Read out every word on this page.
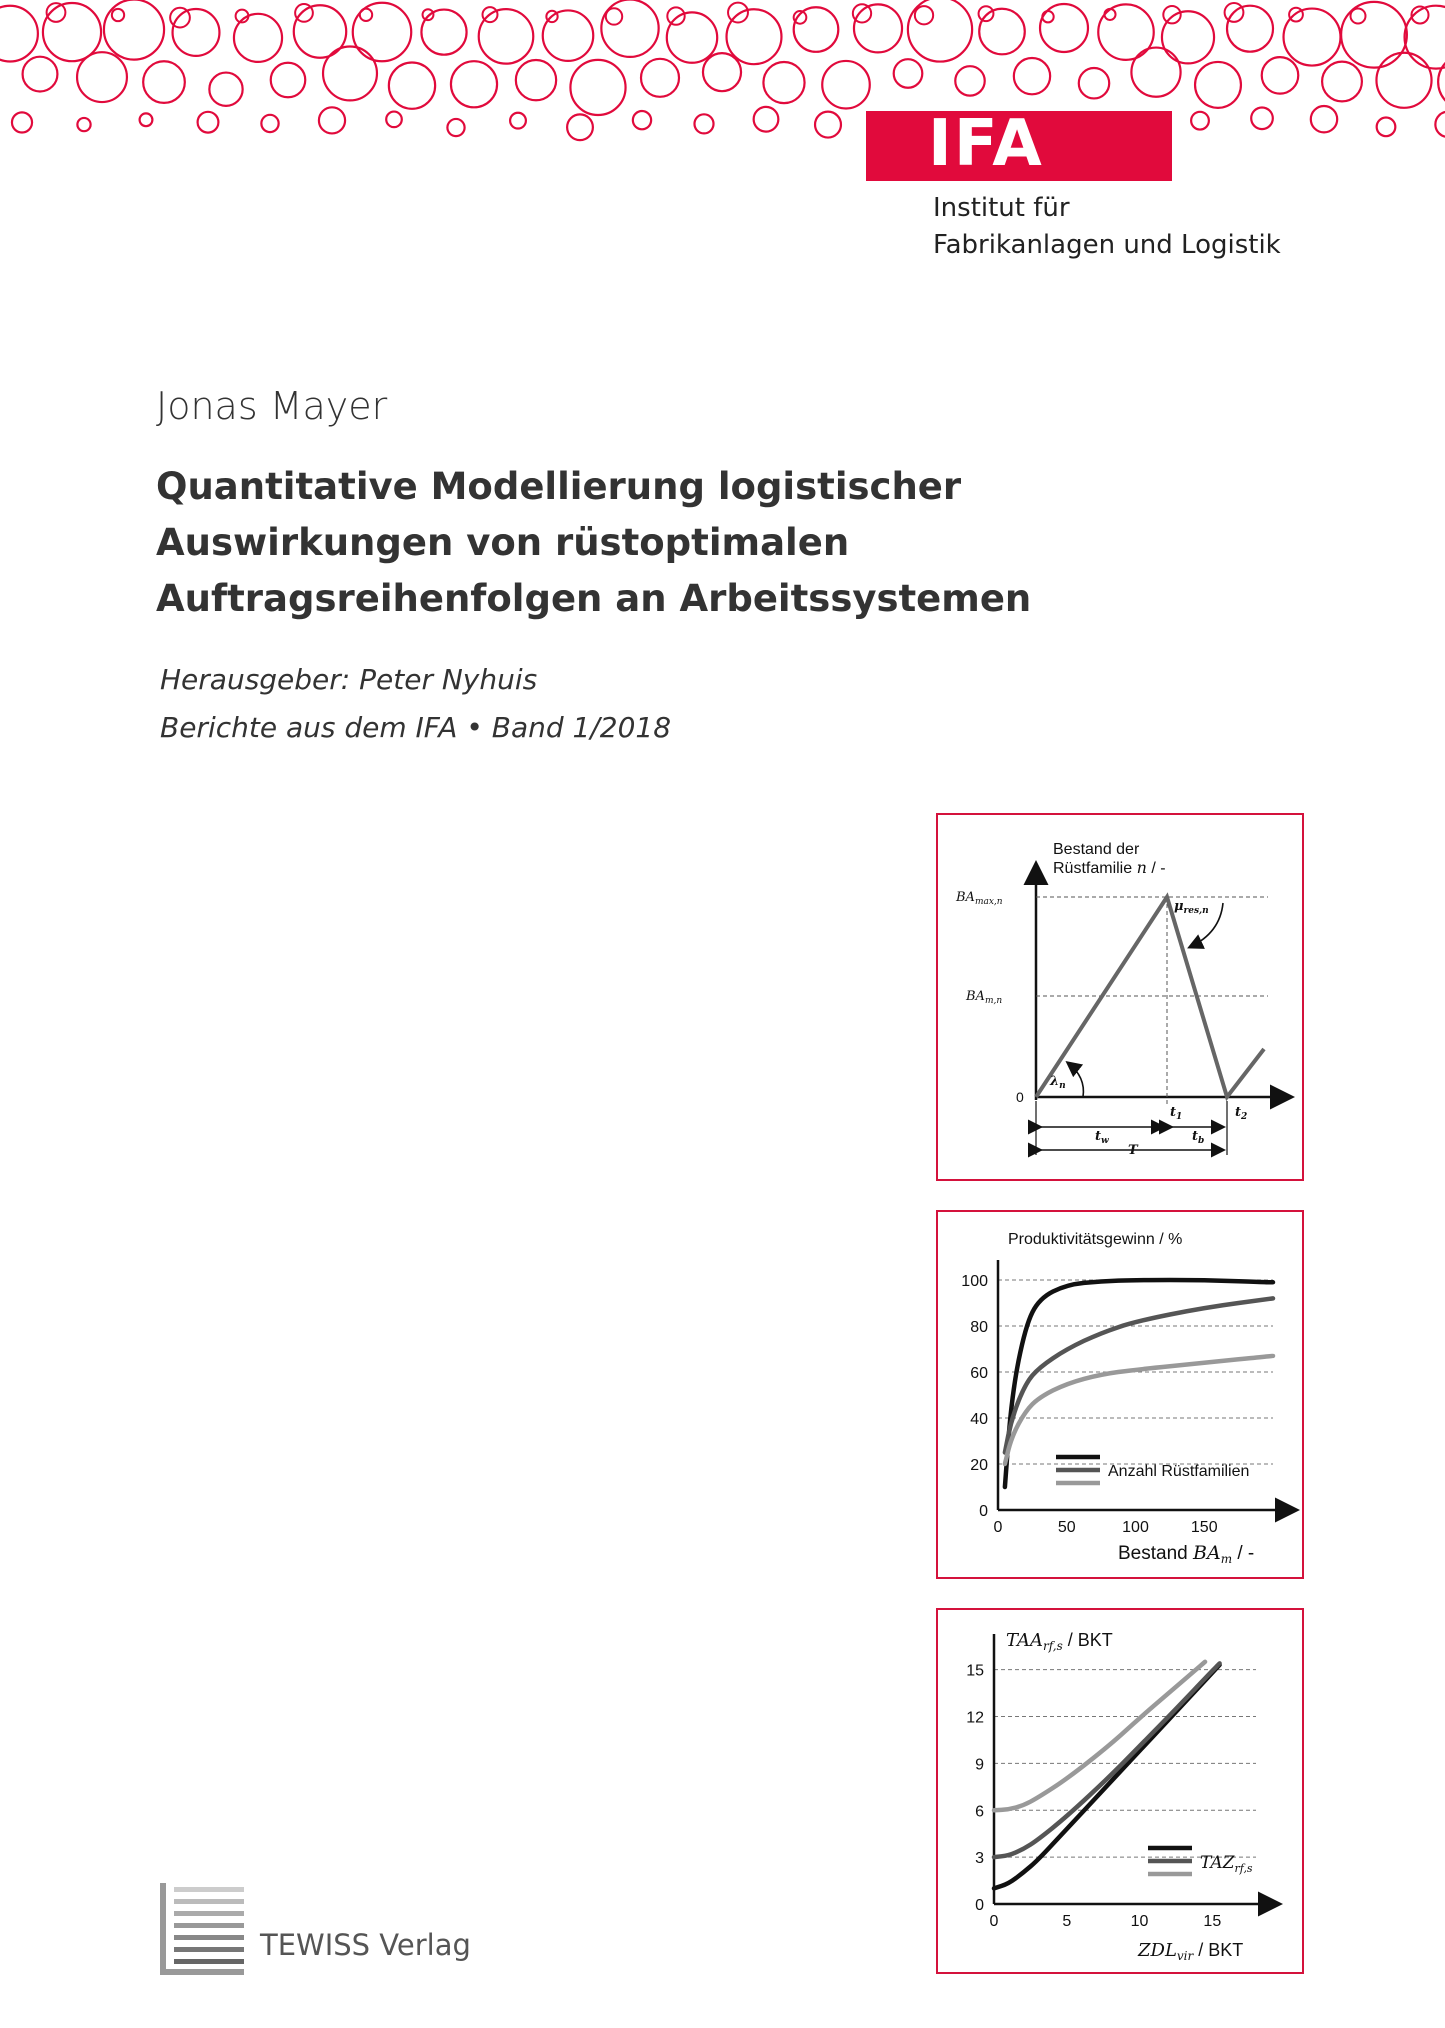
IFA
Institut für
Fabrikanlagen und Logistik
Jonas Mayer
Quantitative Modellierung logistischer
Auswirkungen von rüstoptimalen
Auftragsreihenfolgen an Arbeitssystemen
Herausgeber: Peter Nyhuis
Berichte aus dem IFA • Band 1/2018
Bestand der
Rüstfamilie n / -
$BA_{max,n}$
$BA_{m,n}$
0
$\mu_{res,n}$
$\lambda_n$
$t_1$	$t_2$
$t_w$	$t_b$
T
0
20
40
60
80
100
0	50	100	150
Produktivitätsgewinn / %
Bestand $BA_m$ / -
Anzahl Rüstfamilien
0
3
6
9
12
15
0	5	10	15
$TAA_{rf,s}$ / BKT
$ZDL_{vir}$ / BKT
$TAZ_{rf,s}$
TEWISS Verlag
